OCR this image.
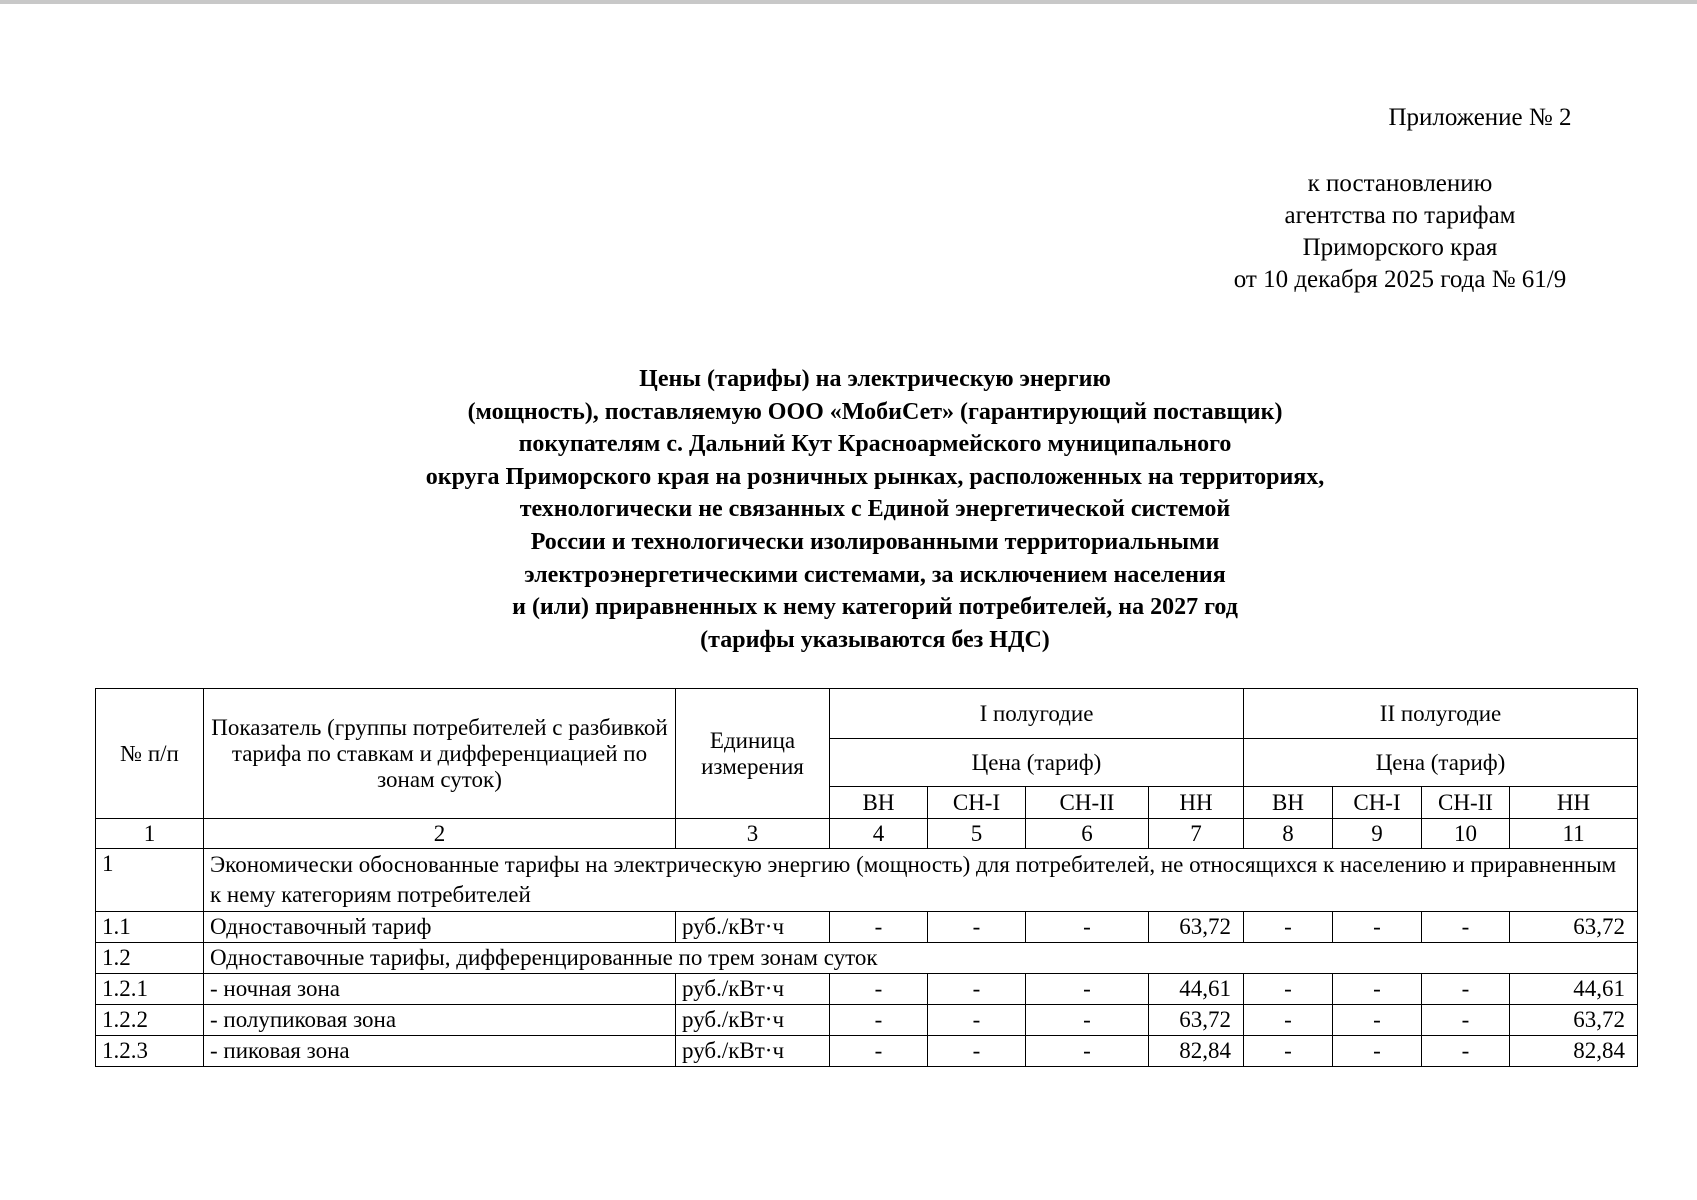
Приложение № 2
к постановлению
агентства по тарифам
Приморского края
от 10 декабря 2025 года № 61/9
Цены (тарифы) на электрическую энергию
(мощность), поставляемую ООО «МобиСет» (гарантирующий поставщик)
покупателям с. Дальний Кут Красноармейского муниципального
округа Приморского края на розничных рынках, расположенных на территориях,
технологически не связанных с Единой энергетической системой
России и технологически изолированными территориальными
электроэнергетическими системами, за исключением населения
и (или) приравненных к нему категорий потребителей, на 2027 год
(тарифы указываются без НДС)
№ п/п	Показатель (группы потребителей с разбивкой тарифа по ставкам и дифференциацией по зонам суток)	Единица измерения	I полугодие				II полугодие			
			Цена (тариф)				Цена (тариф)			
			ВН	СН-I	СН-II	НН	ВН	СН-I	СН-II	НН
1	2	3	4	5	6	7	8	9	10	11
1	Экономически обоснованные тарифы на электрическую энергию (мощность) для потребителей, не относящихся к населению и приравненным к нему категориям потребителей									
1.1	Одноставочный тариф	руб./кВт·ч	-	-	-	63,72	-	-	-	63,72
1.2	Одноставочные тарифы, дифференцированные по трем зонам суток									
1.2.1	- ночная зона	руб./кВт·ч	-	-	-	44,61	-	-	-	44,61
1.2.2	- полупиковая зона	руб./кВт·ч	-	-	-	63,72	-	-	-	63,72
1.2.3	- пиковая зона	руб./кВт·ч	-	-	-	82,84	-	-	-	82,84
